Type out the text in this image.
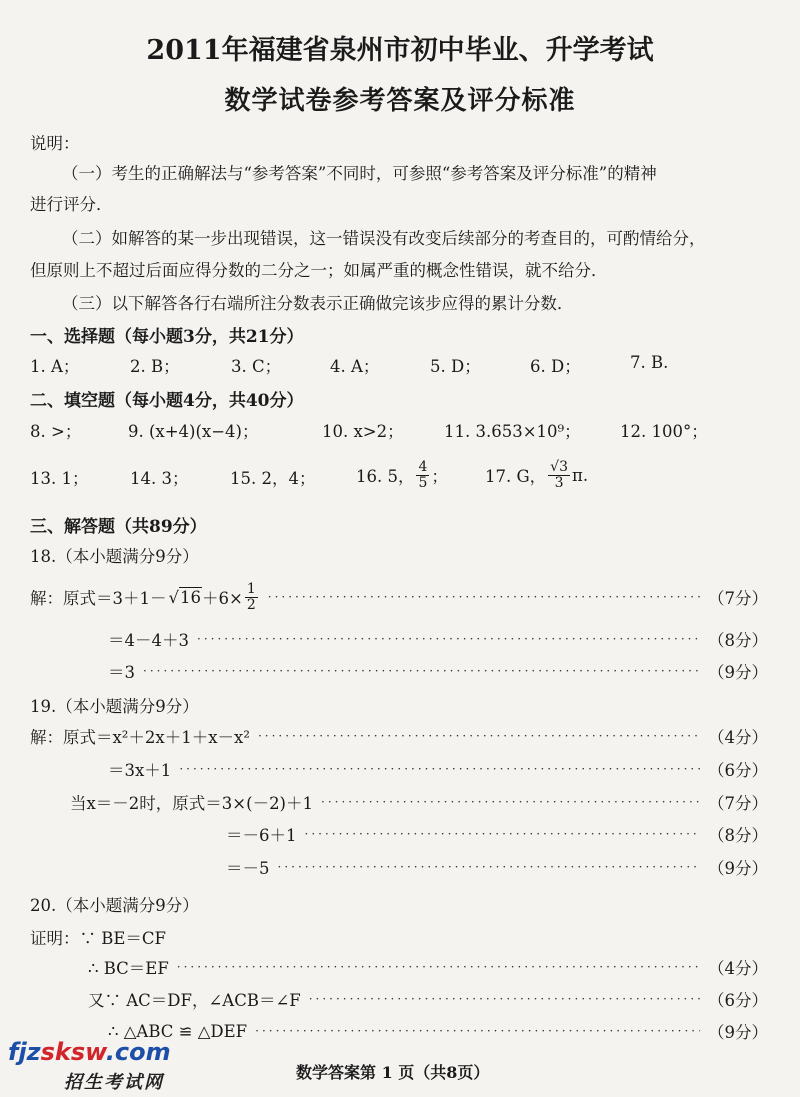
2011年福建省泉州市初中毕业、升学考试
数学试卷参考答案及评分标准
说明：
（一）考生的正确解法与“参考答案”不同时，可参照“参考答案及评分标准”的精神
进行评分．
（二）如解答的某一步出现错误，这一错误没有改变后续部分的考查目的，可酌情给分，
但原则上不超过后面应得分数的二分之一；如属严重的概念性错误，就不给分．
（三）以下解答各行右端所注分数表示正确做完该步应得的累计分数．
一、选择题（每小题3分，共21分）
1. A；	2. B；	3. C；	4. A；	5. D；	6. D；	7. B.
二、填空题（每小题4分，共40分）
8. >；	9. (x+4)(x−4)；	10. x>2； 11. 3.653×10⁹； 12. 100°；
13. 1；	14. 3；	15. 2，4； 16. 5， $\frac{4}{5}$ ； 17. G， $\frac{√3}{3} \pi$.
三、解答题（共89分）
18.（本小题满分9分）
解：原式＝3＋1－ √ $16 +6\times \frac{1}{2}$ ·····	（7分）
＝4－4＋3 ·····	（8分）
＝3 ·····	（9分）
19.（本小题满分9分）
解：原式＝x²＋2x＋1＋x－x² ·····	（4分）
＝3x＋1 ·····	（6分）
当x＝－2时，原式＝3×(－2)＋1 ·····	（7分）
＝－6＋1 ·····	（8分）
＝－5 ·····	（9分）
20.（本小题满分9分）
证明：∵ BE＝CF
∴ BC＝EF ·····	（4分）
又∵ AC＝DF，∠ACB＝∠F ·····	（6分）
∴ △ABC ≌ △DEF ·····	（9分）
fjzsksw.com
招生考试网	数学答案第 1 页（共8页）
